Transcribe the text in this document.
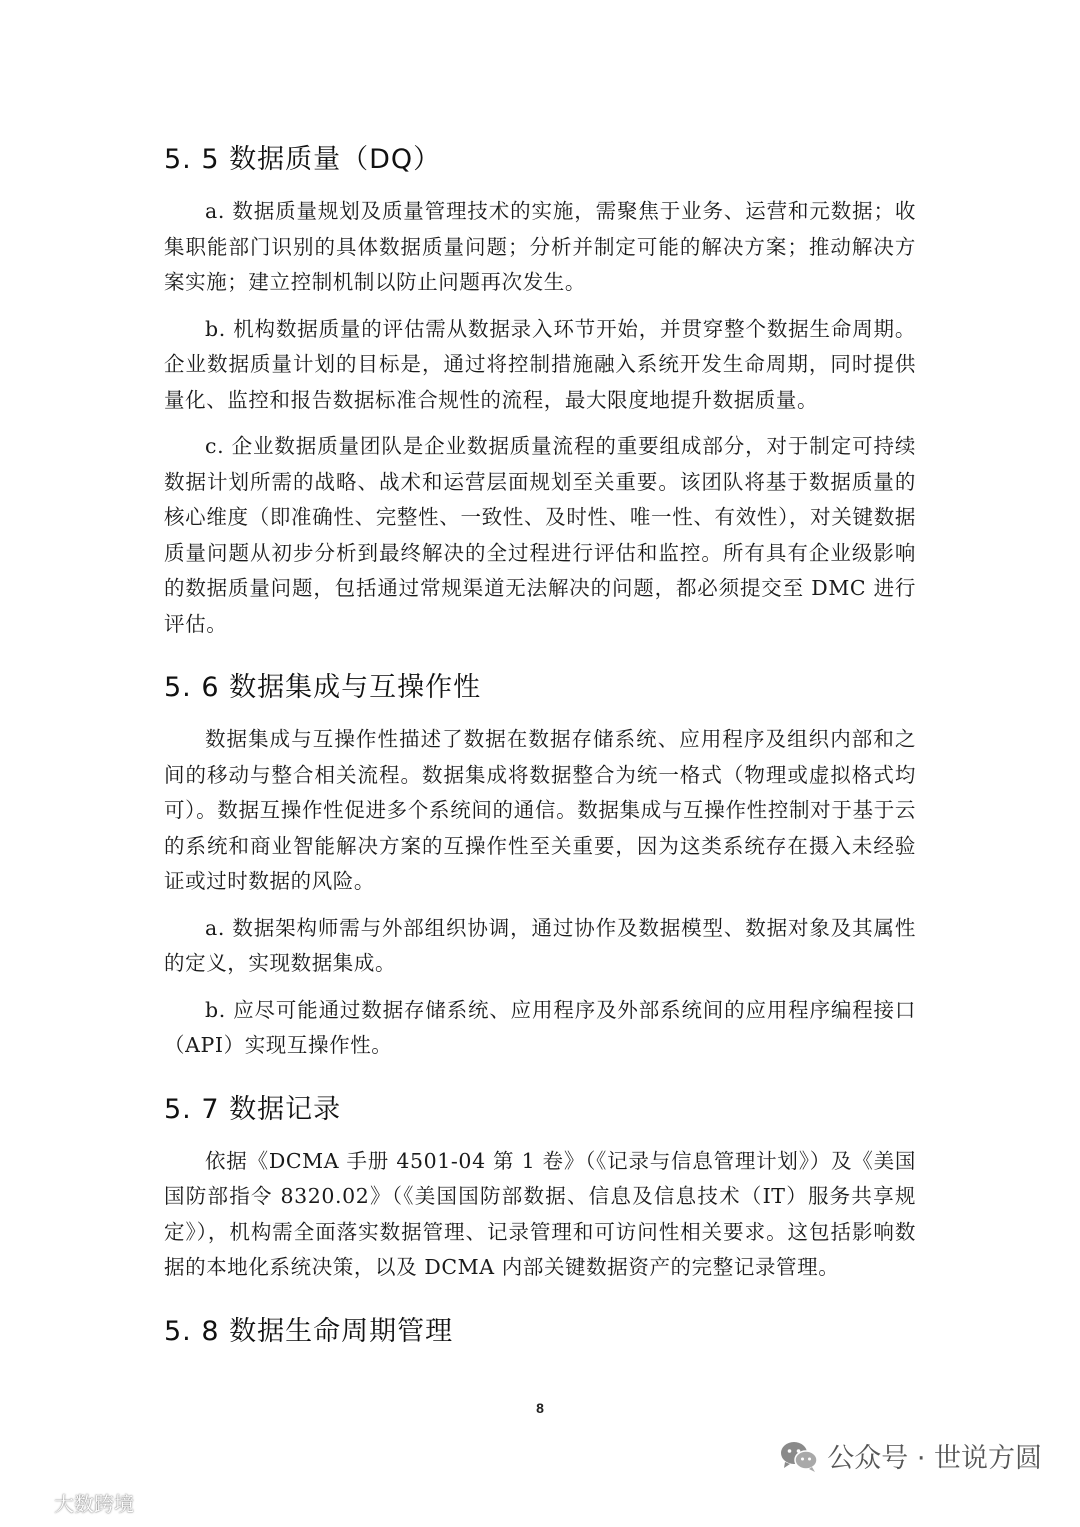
5. 5 数据质量（DQ）

a. 数据质量规划及质量管理技术的实施，需聚焦于业务、运营和元数据；收集职能部门识别的具体数据质量问题；分析并制定可能的解决方案；推动解决方案实施；建立控制机制以防止问题再次发生。

b. 机构数据质量的评估需从数据录入环节开始，并贯穿整个数据生命周期。企业数据质量计划的目标是，通过将控制措施融入系统开发生命周期，同时提供量化、监控和报告数据标准合规性的流程，最大限度地提升数据质量。

c. 企业数据质量团队是企业数据质量流程的重要组成部分，对于制定可持续数据计划所需的战略、战术和运营层面规划至关重要。该团队将基于数据质量的核心维度（即准确性、完整性、一致性、及时性、唯一性、有效性），对关键数据质量问题从初步分析到最终解决的全过程进行评估和监控。所有具有企业级影响的数据质量问题，包括通过常规渠道无法解决的问题，都必须提交至 DMC 进行评估。

5. 6 数据集成与互操作性

数据集成与互操作性描述了数据在数据存储系统、应用程序及组织内部和之间的移动与整合相关流程。数据集成将数据整合为统一格式（物理或虚拟格式均可）。数据互操作性促进多个系统间的通信。数据集成与互操作性控制对于基于云的系统和商业智能解决方案的互操作性至关重要，因为这类系统存在摄入未经验证或过时数据的风险。

a. 数据架构师需与外部组织协调，通过协作及数据模型、数据对象及其属性的定义，实现数据集成。

b. 应尽可能通过数据存储系统、应用程序及外部系统间的应用程序编程接口（API）实现互操作性。

5. 7 数据记录

依据《DCMA 手册 4501-04 第 1 卷》（《记录与信息管理计划》）及《美国国防部指令 8320.02》（《美国国防部数据、信息及信息技术（IT）服务共享规定》），机构需全面落实数据管理、记录管理和可访问性相关要求。这包括影响数据的本地化系统决策，以及 DCMA 内部关键数据资产的完整记录管理。

5. 8 数据生命周期管理
8
大数跨境
公众号 · 世说方圆
